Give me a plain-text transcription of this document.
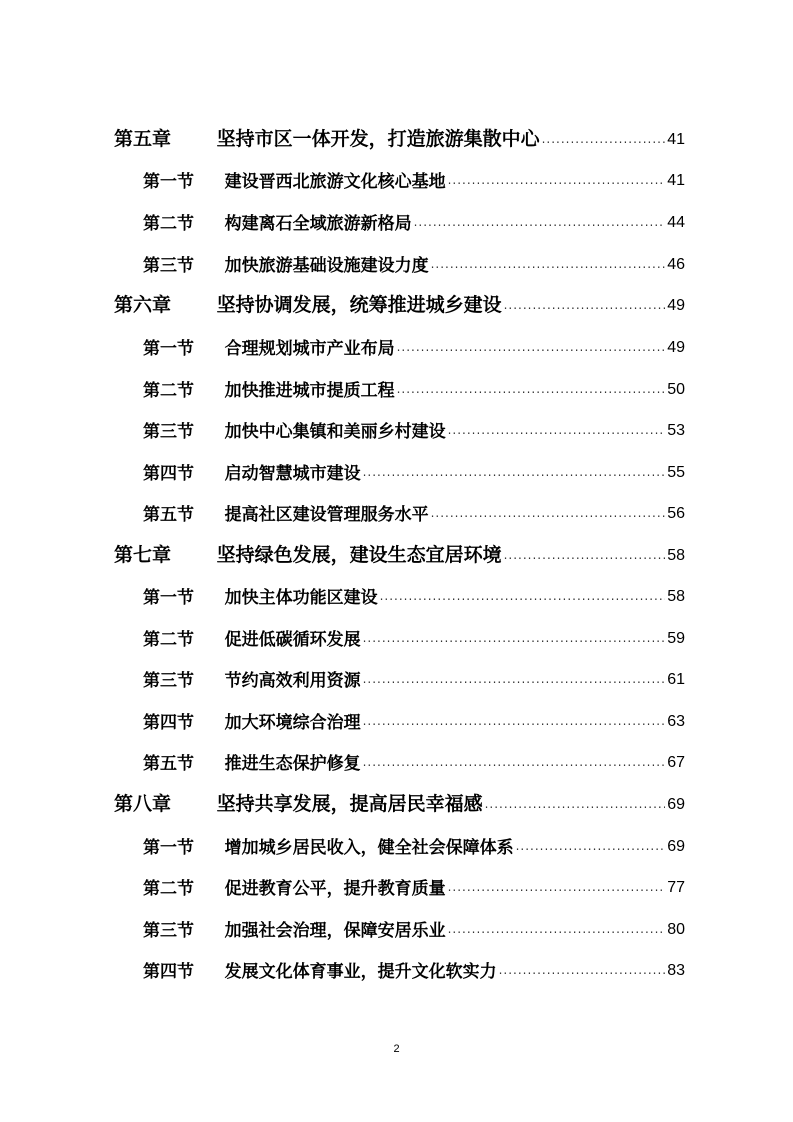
第五章	坚持市区一体开发，打造旅游集散中心 .....	41
第一节	建设晋西北旅游文化核心基地 .....	41
第二节	构建离石全域旅游新格局 .....	44
第三节	加快旅游基础设施建设力度 .....	46
第六章	坚持协调发展，统筹推进城乡建设 .....	49
第一节	合理规划城市产业布局 .....	49
第二节	加快推进城市提质工程 .....	50
第三节	加快中心集镇和美丽乡村建设 .....	53
第四节	启动智慧城市建设 .....	55
第五节	提高社区建设管理服务水平 .....	56
第七章	坚持绿色发展，建设生态宜居环境 .....	58
第一节	加快主体功能区建设 .....	58
第二节	促进低碳循环发展 .....	59
第三节	节约高效利用资源 .....	61
第四节	加大环境综合治理 .....	63
第五节	推进生态保护修复 .....	67
第八章	坚持共享发展，提高居民幸福感 .....	69
第一节	增加城乡居民收入，健全社会保障体系 .....	69
第二节	促进教育公平，提升教育质量 .....	77
第三节	加强社会治理，保障安居乐业 .....	80
第四节	发展文化体育事业，提升文化软实力 .....	83
2
